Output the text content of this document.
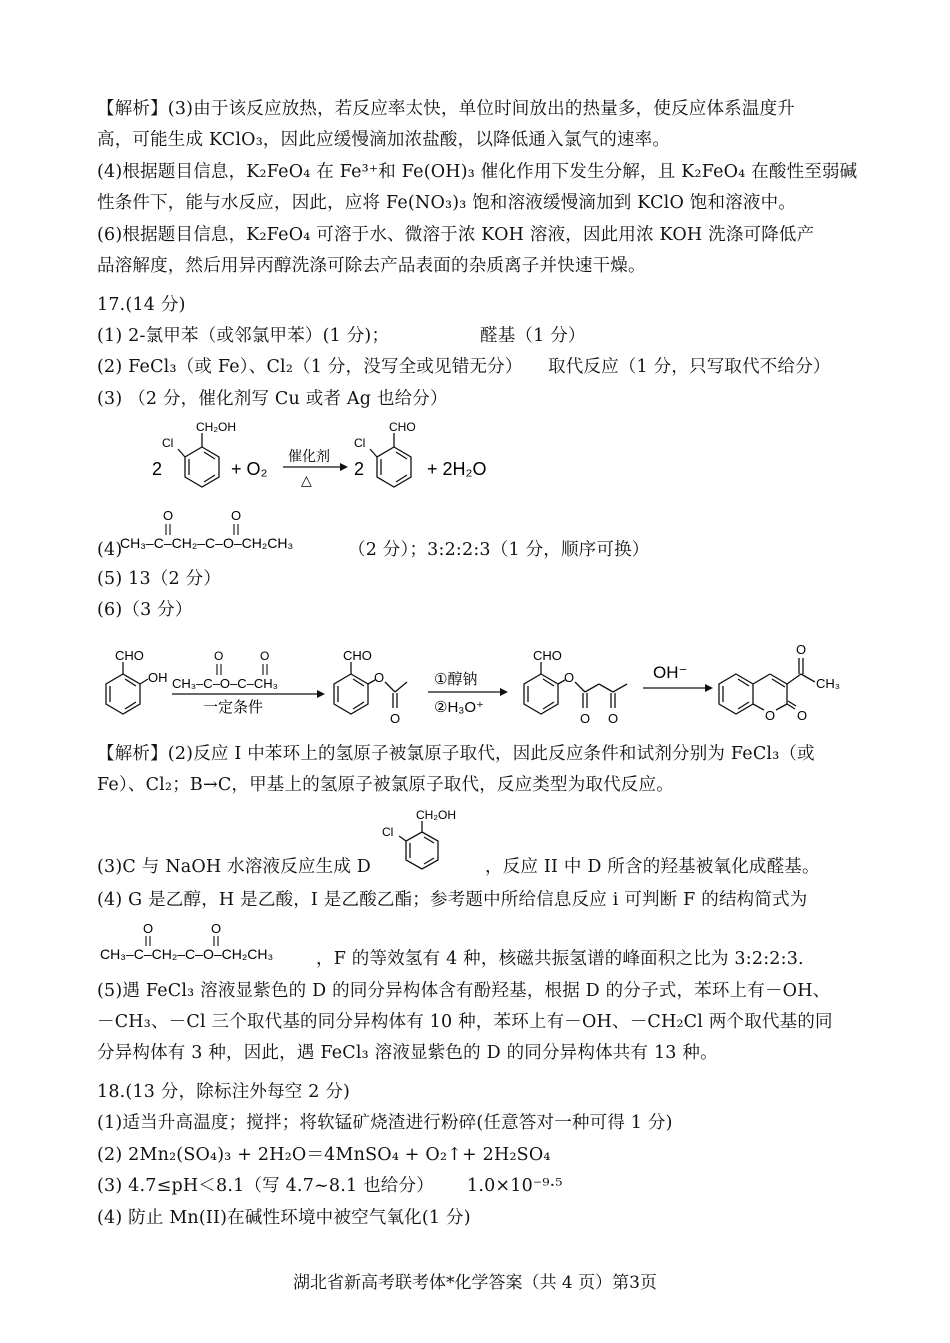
【解析】(3)由于该反应放热，若反应率太快，单位时间放出的热量多，使反应体系温度升
高，可能生成 KClO₃，因此应缓慢滴加浓盐酸，以降低通入氯气的速率。
(4)根据题目信息，K₂FeO₄ 在 Fe³⁺和 Fe(OH)₃ 催化作用下发生分解，且 K₂FeO₄ 在酸性至弱碱
性条件下，能与水反应，因此，应将 Fe(NO₃)₃ 饱和溶液缓慢滴加到 KClO 饱和溶液中。
(6)根据题目信息，K₂FeO₄ 可溶于水、微溶于浓 KOH 溶液，因此用浓 KOH 洗涤可降低产
品溶解度，然后用异丙醇洗涤可除去产品表面的杂质离子并快速干燥。
17.(14 分)
(1) 2-氯甲苯（或邻氯甲苯）(1 分)；	醛基（1 分）
(2) FeCl₃（或 Fe）、Cl₂（1 分，没写全或见错无分） 取代反应（1 分，只写取代不给分）
(3) （2 分，催化剂写 Cu 或者 Ag 也给分）
2
CH₂OH
Cl
+ O₂
催化剂
△
2
CHO
Cl
+ 2H₂O
(4)	（2 分）；3:2:2:3（1 分，顺序可换）
CH₃–C–CH₂–C–O–CH₂CH₃
O	O
(5) 13（2 分）
(6)（3 分）
CHO
OH CH₃–C–O–C–CH₃
O	O
一定条件
CHO
O
O
①醇钠
②H₃O⁺
CHO
O
O O
OH⁻
O
O O
CH₃
【解析】(2)反应 I 中苯环上的氢原子被氯原子取代，因此反应条件和试剂分别为 FeCl₃（或
Fe）、Cl₂；B→C，甲基上的氢原子被氯原子取代，反应类型为取代反应。
(3)C 与 NaOH 水溶液反应生成 D	，反应 II 中 D 所含的羟基被氧化成醛基。
CH₂OH
Cl
(4) G 是乙醇，H 是乙酸，I 是乙酸乙酯；参考题中所给信息反应 i 可判断 F 的结构简式为
CH₃–C–CH₂–C–O–CH₂CH₃
O	O
，F 的等效氢有 4 种，核磁共振氢谱的峰面积之比为 3:2:2:3.
(5)遇 FeCl₃ 溶液显紫色的 D 的同分异构体含有酚羟基，根据 D 的分子式，苯环上有－OH、
－CH₃、－Cl 三个取代基的同分异构体有 10 种，苯环上有－OH、－CH₂Cl 两个取代基的同
分异构体有 3 种，因此，遇 FeCl₃ 溶液显紫色的 D 的同分异构体共有 13 种。
18.(13 分，除标注外每空 2 分)
(1)适当升高温度；搅拌；将软锰矿烧渣进行粉碎(任意答对一种可得 1 分)
(2) 2Mn₂(SO₄)₃ + 2H₂O＝4MnSO₄ + O₂↑+ 2H₂SO₄
(3) 4.7≤pH＜8.1（写 4.7~8.1 也给分） 1.0×10⁻⁹·⁵
(4) 防止 Mn(II)在碱性环境中被空气氧化(1 分)
湖北省新高考联考体*化学答案（共 4 页）第3页
